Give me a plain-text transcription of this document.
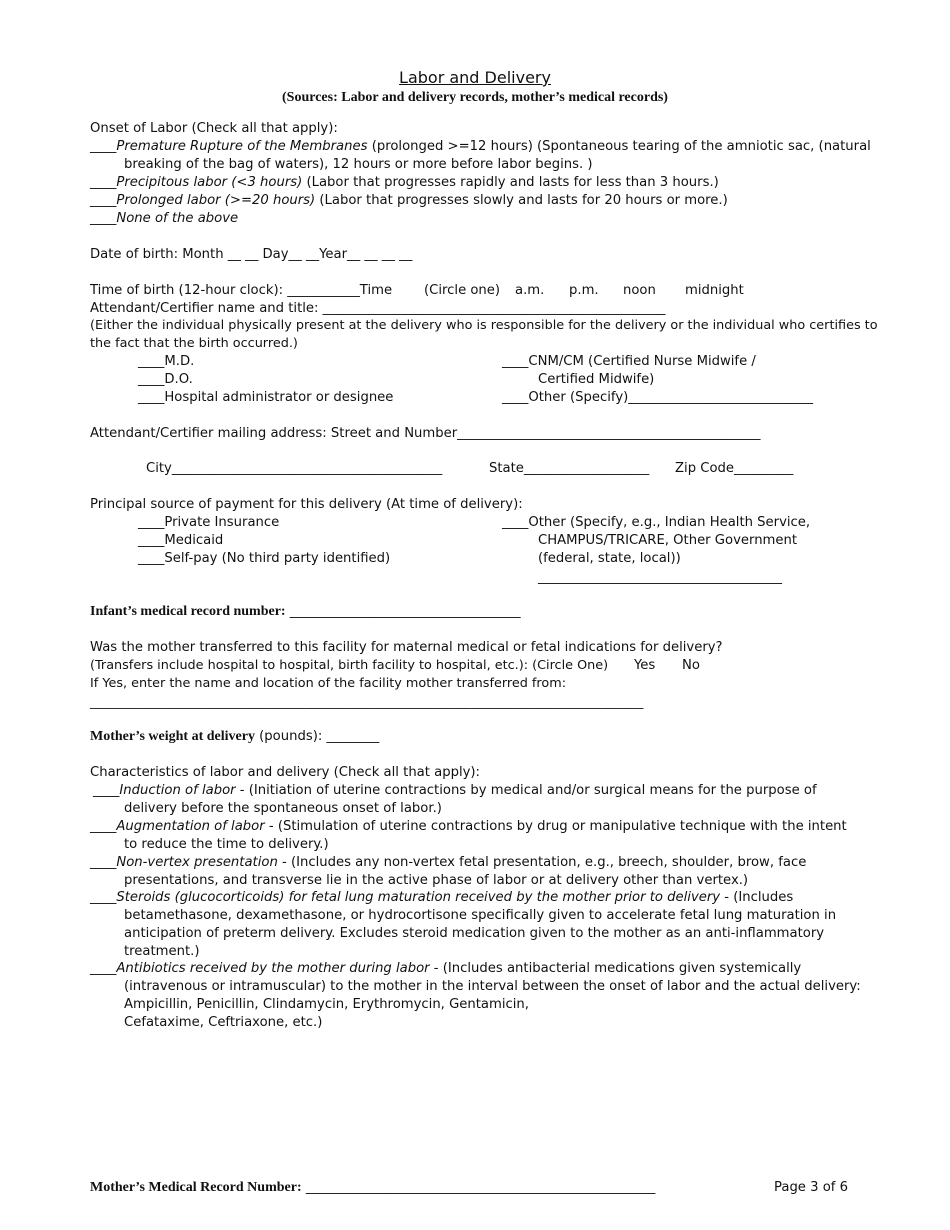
Labor and Delivery
(Sources: Labor and delivery records, mother’s medical records)
Onset of Labor (Check all that apply):
____Premature Rupture of the Membranes (prolonged >=12 hours) (Spontaneous tearing of the amniotic sac, (natural
breaking of the bag of waters), 12 hours or more before labor begins. )
____Precipitous labor (<3 hours) (Labor that progresses rapidly and lasts for less than 3 hours.)
____Prolonged labor (>=20 hours) (Labor that progresses slowly and lasts for 20 hours or more.)
____None of the above
Date of birth: Month __ __ Day__ __Year__ __ __ __
Time of birth (12-hour clock): ___________Time (Circle one) a.m. p.m. noon midnight
Attendant/Certifier name and title: ____________________________________________________
(Either the individual physically present at the delivery who is responsible for the delivery or the individual who certifies to
the fact that the birth occurred.)
____M.D.
____D.O.
____Hospital administrator or designee
____CNM/CM (Certified Nurse Midwife /
Certified Midwife)
____Other (Specify)____________________________
Attendant/Certifier mailing address: Street and Number______________________________________________
City_________________________________________	State___________________ Zip Code_________
Principal source of payment for this delivery (At time of delivery):
____Private Insurance
____Medicaid
____Self-pay (No third party identified)
____Other (Specify, e.g., Indian Health Service,
CHAMPUS/TRICARE, Other Government
(federal, state, local))
_____________________________________
Infant’s medical record number: ___________________________________
Was the mother transferred to this facility for maternal medical or fetal indications for delivery?
(Transfers include hospital to hospital, birth facility to hospital, etc.): (Circle One) Yes No
If Yes, enter the name and location of the facility mother transferred from:
__________________________________________________________________________________________
Mother’s weight at delivery (pounds): ________
Characteristics of labor and delivery (Check all that apply):
____Induction of labor - (Initiation of uterine contractions by medical and/or surgical means for the purpose of
delivery before the spontaneous onset of labor.)
____Augmentation of labor - (Stimulation of uterine contractions by drug or manipulative technique with the intent
to reduce the time to delivery.)
____Non-vertex presentation - (Includes any non-vertex fetal presentation, e.g., breech, shoulder, brow, face
presentations, and transverse lie in the active phase of labor or at delivery other than vertex.)
____Steroids (glucocorticoids) for fetal lung maturation received by the mother prior to delivery - (Includes
betamethasone, dexamethasone, or hydrocortisone specifically given to accelerate fetal lung maturation in
anticipation of preterm delivery. Excludes steroid medication given to the mother as an anti-inflammatory
treatment.)
____Antibiotics received by the mother during labor - (Includes antibacterial medications given systemically
(intravenous or intramuscular) to the mother in the interval between the onset of labor and the actual delivery:
Ampicillin, Penicillin, Clindamycin, Erythromycin, Gentamicin,
Cefataxime, Ceftriaxone, etc.)
Mother’s Medical Record Number: _____________________________________________________	Page 3 of 6
